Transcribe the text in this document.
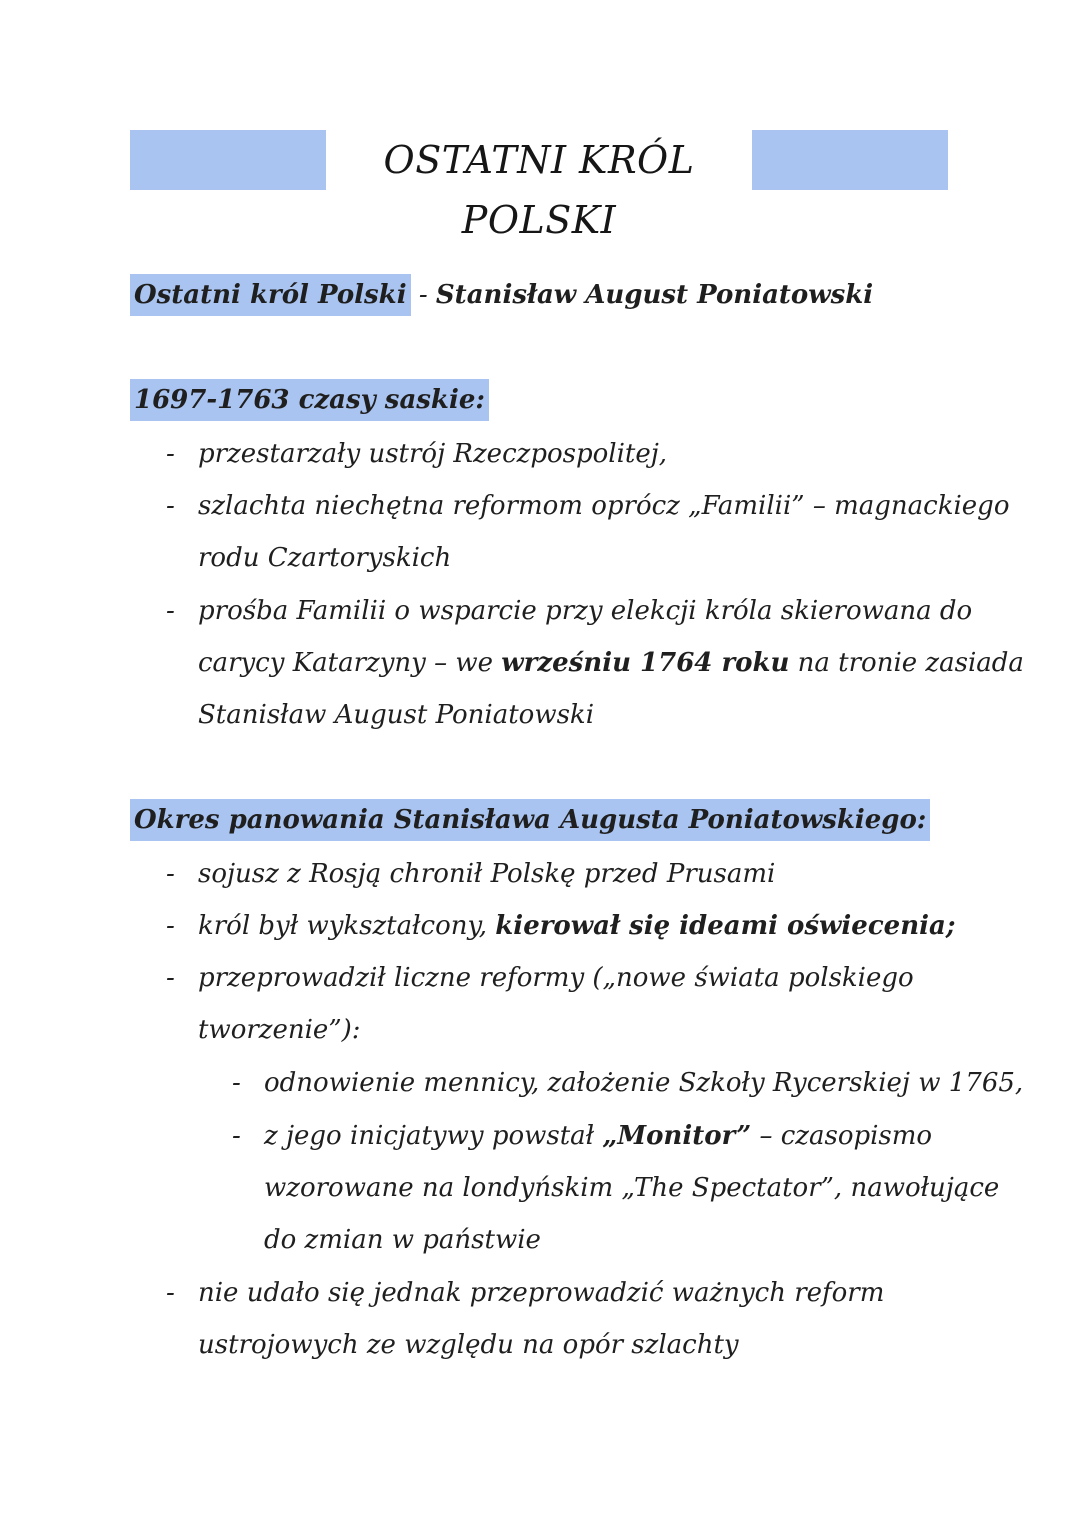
OSTATNI KRÓL POLSKI
Ostatni król Polski - Stanisław August Poniatowski
1697-1763 czasy saskie:
- przestarzały ustrój Rzeczpospolitej,
- szlachta niechętna reformom oprócz „Familii” – magnackiego
rodu Czartoryskich
- prośba Familii o wsparcie przy elekcji króla skierowana do
carycy Katarzyny – we wrześniu 1764 roku na tronie zasiada
Stanisław August Poniatowski
Okres panowania Stanisława Augusta Poniatowskiego:
- sojusz z Rosją chronił Polskę przed Prusami
- król był wykształcony, kierował się ideami oświecenia;
- przeprowadził liczne reformy („nowe świata polskiego
tworzenie”):
- odnowienie mennicy, założenie Szkoły Rycerskiej w 1765,
- z jego inicjatywy powstał „Monitor” – czasopismo
wzorowane na londyńskim „The Spectator”, nawołujące
do zmian w państwie
- nie udało się jednak przeprowadzić ważnych reform
ustrojowych ze względu na opór szlachty
